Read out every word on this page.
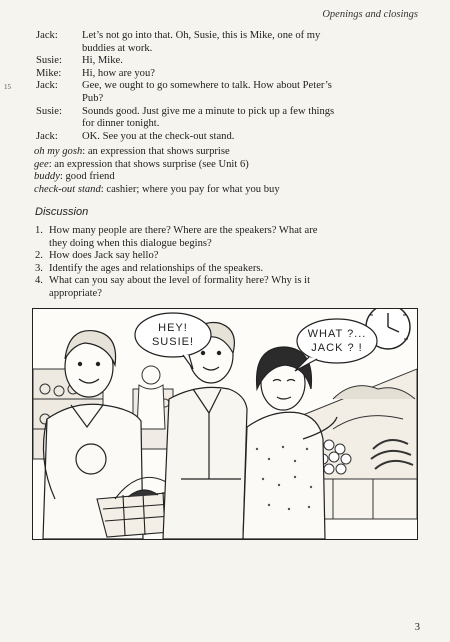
Openings and closings
Jack:	Let’s not go into that. Oh, Susie, this is Mike, one of my buddies at work.
Susie:	Hi, Mike.
Mike:	Hi, how are you?
15 Jack:	Gee, we ought to go somewhere to talk. How about Peter’s Pub?
Susie:	Sounds good. Just give me a minute to pick up a few things for dinner tonight.
Jack:	OK. See you at the check-out stand.
oh my gosh: an expression that shows surprise
gee: an expression that shows surprise (see Unit 6)
buddy: good friend
check-out stand: cashier; where you pay for what you buy
Discussion
1. How many people are there? Where are the speakers? What are they doing when this dialogue begins?
2. How does Jack say hello?
3. Identify the ages and relationships of the speakers.
4. What can you say about the level of formality here? Why is it appropriate?
HEY!
SUSIE!
WHAT ?...
JACK ? !
3
